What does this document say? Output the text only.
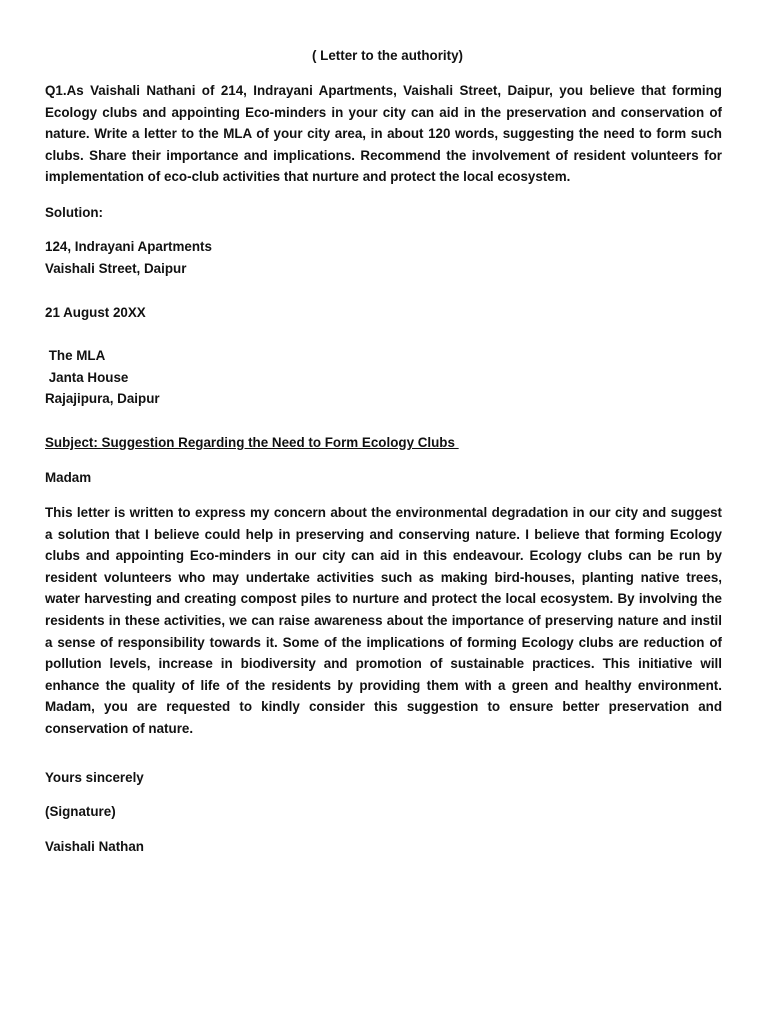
( Letter to the authority)
Q1.As Vaishali Nathani of 214, Indrayani Apartments, Vaishali Street, Daipur, you believe that forming Ecology clubs and appointing Eco-minders in your city can aid in the preservation and conservation of nature. Write a letter to the MLA of your city area, in about 120 words, suggesting the need to form such clubs. Share their importance and implications. Recommend the involvement of resident volunteers for implementation of eco-club activities that nurture and protect the local ecosystem.
Solution:
124, Indrayani Apartments
Vaishali Street, Daipur
21 August 20XX
The MLA
Janta House
Rajajipura, Daipur
Subject: Suggestion Regarding the Need to Form Ecology Clubs
Madam
This letter is written to express my concern about the environmental degradation in our city and suggest a solution that I believe could help in preserving and conserving nature. I believe that forming Ecology clubs and appointing Eco-minders in our city can aid in this endeavour. Ecology clubs can be run by resident volunteers who may undertake activities such as making bird-houses, planting native trees, water harvesting and creating compost piles to nurture and protect the local ecosystem. By involving the residents in these activities, we can raise awareness about the importance of preserving nature and instil a sense of responsibility towards it. Some of the implications of forming Ecology clubs are reduction of pollution levels, increase in biodiversity and promotion of sustainable practices. This initiative will enhance the quality of life of the residents by providing them with a green and healthy environment. Madam, you are requested to kindly consider this suggestion to ensure better preservation and conservation of nature.
Yours sincerely
(Signature)
Vaishali Nathan
